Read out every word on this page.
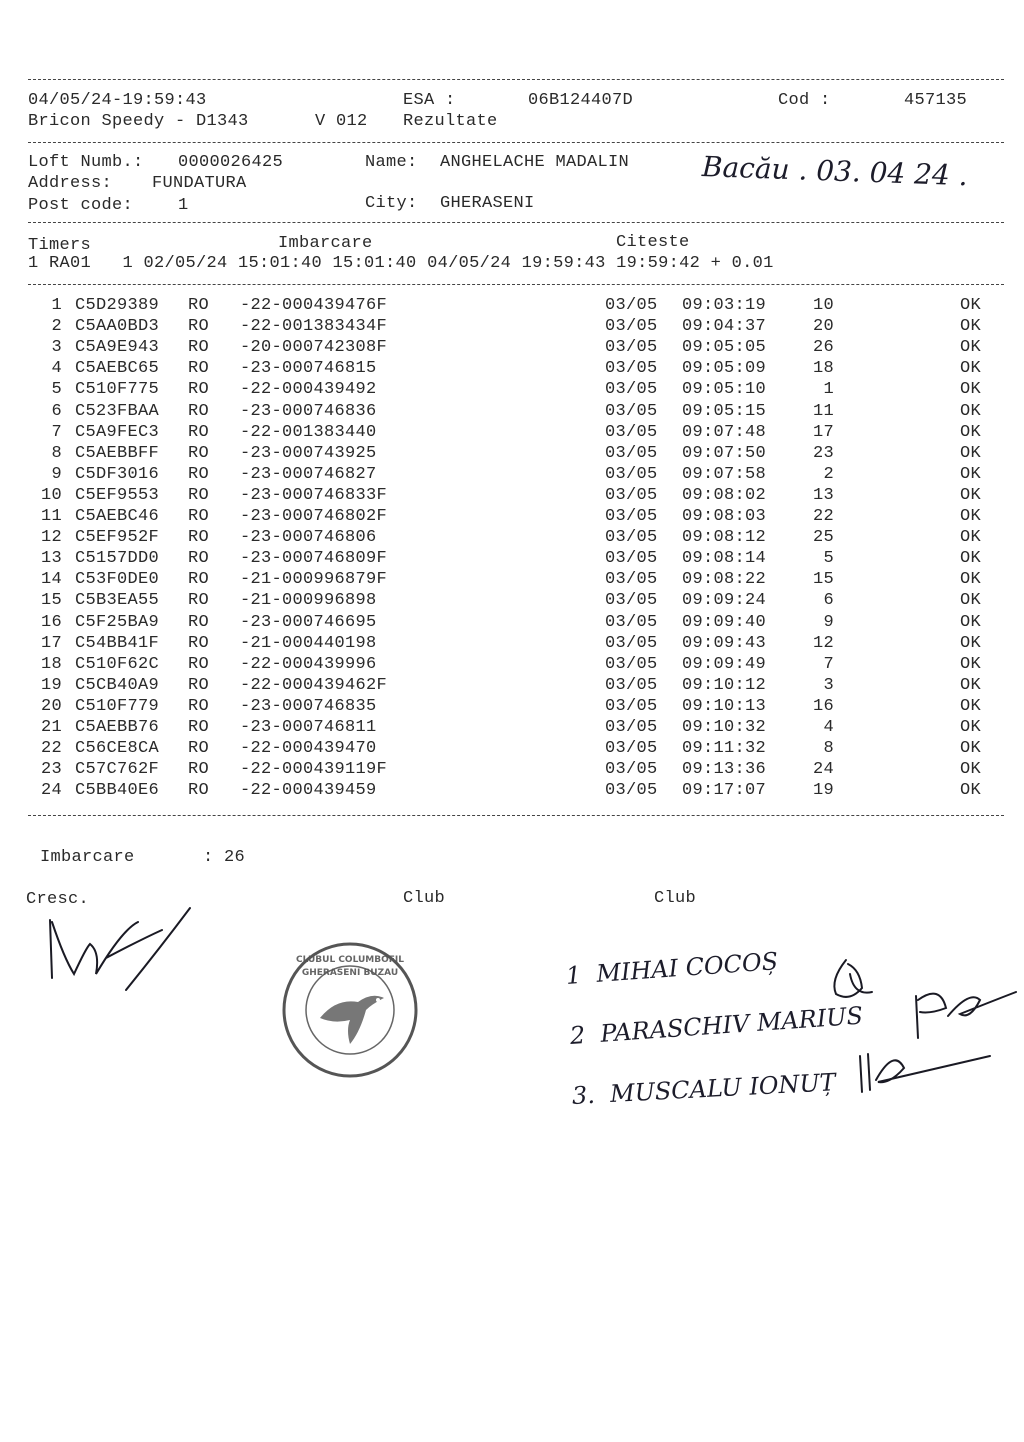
04/05/24-19:59:43	ESA :	06B124407D	Cod :	457135
Bricon Speedy - D1343	V 012 Rezultate
Loft Numb.: 0000026425	Name: ANGHELACHE MADALIN
Address: FUNDATURA
Post code:	1	City: GHERASENI
Bacău . 03. 04 24 .
Timers	Imbarcare	Citeste
1 RA01   1 02/05/24 15:01:40 15:01:40 04/05/24 19:59:43 19:59:42 + 0.01
1 C5D29389 RO -22-000439476F	03/05 09:03:19	10	OK
2 C5AA0BD3 RO -22-001383434F	03/05 09:04:37	20	OK
3 C5A9E943 RO -20-000742308F	03/05 09:05:05	26	OK
4 C5AEBC65 RO -23-000746815	03/05 09:05:09	18	OK
5 C510F775 RO -22-000439492	03/05 09:05:10	1	OK
6 C523FBAA RO -23-000746836	03/05 09:05:15	11	OK
7 C5A9FEC3 RO -22-001383440	03/05 09:07:48	17	OK
8 C5AEBBFF RO -23-000743925	03/05 09:07:50	23	OK
9 C5DF3016 RO -23-000746827	03/05 09:07:58	2	OK
10 C5EF9553 RO -23-000746833F	03/05 09:08:02	13	OK
11 C5AEBC46 RO -23-000746802F	03/05 09:08:03	22	OK
12 C5EF952F RO -23-000746806	03/05 09:08:12	25	OK
13 C5157DD0 RO -23-000746809F	03/05 09:08:14	5	OK
14 C53F0DE0 RO -21-000996879F	03/05 09:08:22	15	OK
15 C5B3EA55 RO -21-000996898	03/05 09:09:24	6	OK
16 C5F25BA9 RO -23-000746695	03/05 09:09:40	9	OK
17 C54BB41F RO -21-000440198	03/05 09:09:43	12	OK
18 C510F62C RO -22-000439996	03/05 09:09:49	7	OK
19 C5CB40A9 RO -22-000439462F	03/05 09:10:12	3	OK
20 C510F779 RO -23-000746835	03/05 09:10:13	16	OK
21 C5AEBB76 RO -23-000746811	03/05 09:10:32	4	OK
22 C56CE8CA RO -22-000439470	03/05 09:11:32	8	OK
23 C57C762F RO -22-000439119F	03/05 09:13:36	24	OK
24 C5BB40E6 RO -22-000439459	03/05 09:17:07	19	OK
Imbarcare	: 26
Cresc.	Club	Club
CLUBUL COLUMBOFIL GHERASENI BUZAU	1  MIHAI COCOȘ
2  PARASCHIV MARIUS
3.  MUSCALU IONUȚ
